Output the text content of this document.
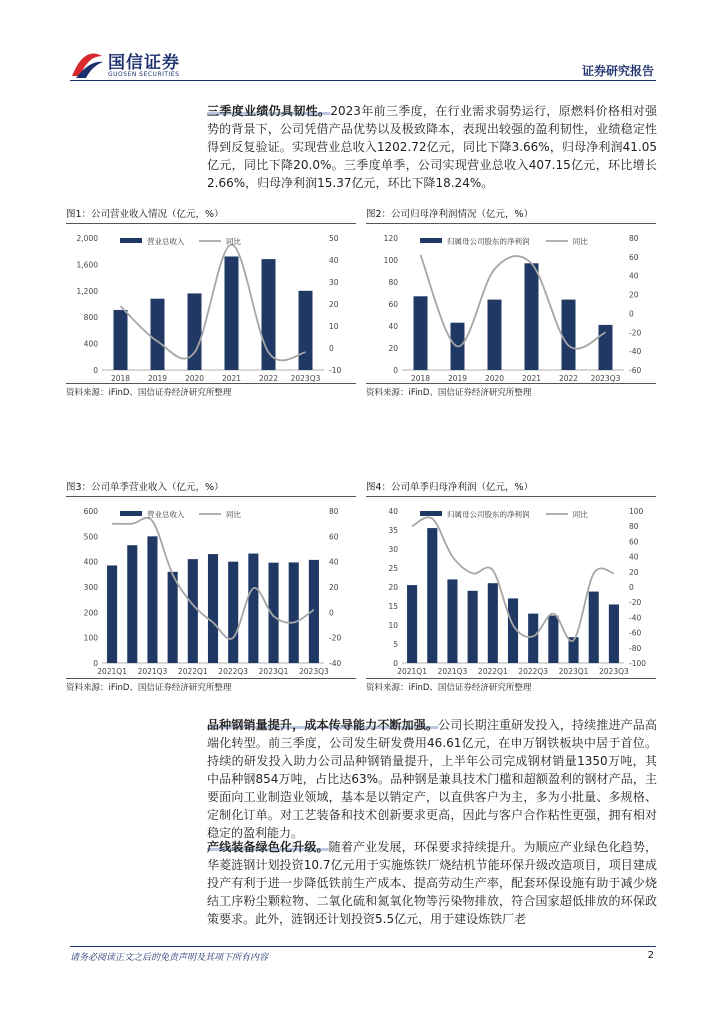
国信证券
GUOSEN SECURITIES	证券研究报告
三季度业绩仍具韧性。2023年前三季度，在行业需求弱势运行，原燃料价格相对强势的背景下，公司凭借产品优势以及极致降本，表现出较强的盈利韧性，业绩稳定性得到反复验证。实现营业总收入1202.72亿元，同比下降3.66%，归母净利润41.05亿元，同比下降20.0%。三季度单季，公司实现营业总收入407.15亿元，环比增长2.66%，归母净利润15.37亿元，环比下降18.24%。
图1：公司营业收入情况（亿元，%）
0
400
800
1,200
1,600
2,000
-10
0
10
20
30
40
50
2018 2019 2020 2021 2022 2023Q3
营业总收入	同比
资料来源：iFinD、国信证券经济研究所整理
图2：公司归母净利润情况（亿元，%）
0
20
40
60
80
100
120
-60
-40
-20
0
20
40
60
80
2018 2019 2020 2021 2022 2023Q3
归属母公司股东的净利润	同比
资料来源：iFinD、国信证券经济研究所整理
图3：公司单季营业收入（亿元，%）
0
100
200
300
400
500
600
-40
-20
0
20
40
60
80
2021Q1 2021Q3 2022Q1 2022Q3 2023Q1 2023Q3
营业总收入	同比
资料来源：iFinD、国信证券经济研究所整理
图4：公司单季归母净利润（亿元，%）
0
5
10
15
20
25
30
35
40
-100
-80
-60
-40
-20
0
20
40
60
80
100
2021Q1 2021Q3 2022Q1 2022Q3 2023Q1 2023Q3
归属母公司股东的净利润	同比
资料来源：iFinD、国信证券经济研究所整理
品种钢销量提升，成本传导能力不断加强。公司长期注重研发投入，持续推进产品高端化转型。前三季度，公司发生研发费用46.61亿元，在申万钢铁板块中居于首位。持续的研发投入助力公司品种钢销量提升，上半年公司完成钢材销量1350万吨，其中品种钢854万吨，占比达63%。品种钢是兼具技术门槛和超额盈利的钢材产品，主要面向工业制造业领域，基本是以销定产，以直供客户为主，多为小批量、多规格、定制化订单。对工艺装备和技术创新要求更高，因此与客户合作粘性更强，拥有相对稳定的盈利能力。
产线装备绿色化升级。随着产业发展，环保要求持续提升。为顺应产业绿色化趋势，华菱涟钢计划投资10.7亿元用于实施炼铁厂烧结机节能环保升级改造项目，项目建成投产有利于进一步降低铁前生产成本、提高劳动生产率，配套环保设施有助于减少烧结工序粉尘颗粒物、二氧化硫和氮氧化物等污染物排放，符合国家超低排放的环保政策要求。此外，涟钢还计划投资5.5亿元，用于建设炼铁厂老
请务必阅读正文之后的免责声明及其项下所有内容	2
